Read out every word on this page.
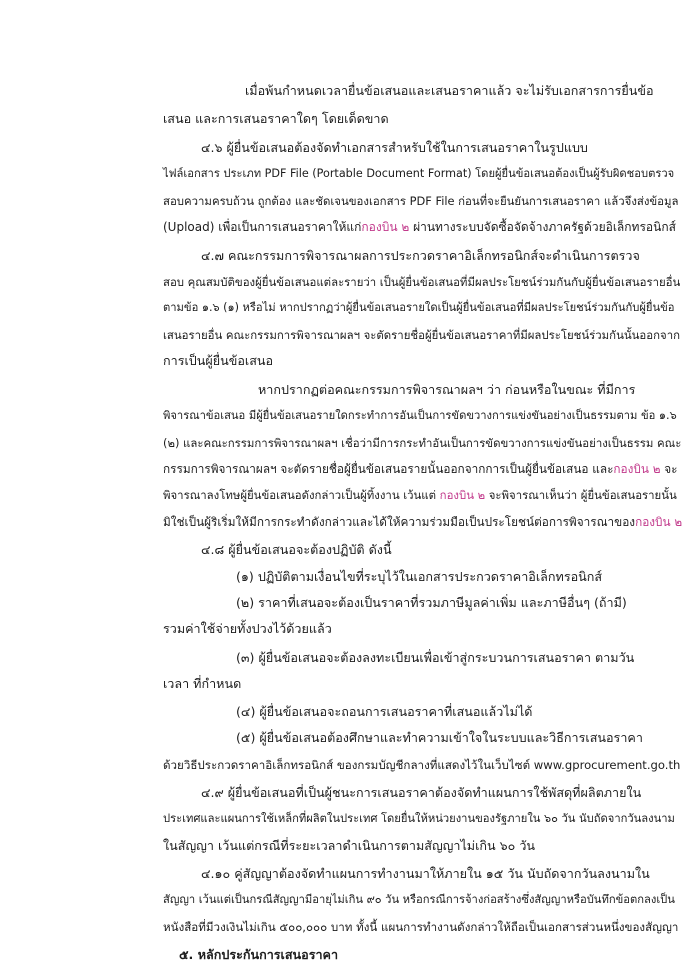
เมื่อพ้นกำหนดเวลายื่นข้อเสนอและเสนอราคาแล้ว จะไม่รับเอกสารการยื่นข้อ
เสนอ และการเสนอราคาใดๆ โดยเด็ดขาด
๔.๖ ผู้ยื่นข้อเสนอต้องจัดทำเอกสารสำหรับใช้ในการเสนอราคาในรูปแบบ
ไฟล์เอกสาร ประเภท PDF File (Portable Document Format) โดยผู้ยื่นข้อเสนอต้องเป็นผู้รับผิดชอบตรวจ
สอบความครบถ้วน ถูกต้อง และชัดเจนของเอกสาร PDF File ก่อนที่จะยืนยันการเสนอราคา แล้วจึงส่งข้อมูล
(Upload) เพื่อเป็นการเสนอราคาให้แก่กองบิน ๒ ผ่านทางระบบจัดซื้อจัดจ้างภาครัฐด้วยอิเล็กทรอนิกส์
๔.๗ คณะกรรมการพิจารณาผลการประกวดราคาอิเล็กทรอนิกส์จะดำเนินการตรวจ
สอบ คุณสมบัติของผู้ยื่นข้อเสนอแต่ละรายว่า เป็นผู้ยื่นข้อเสนอที่มีผลประโยชน์ร่วมกันกับผู้ยื่นข้อเสนอรายอื่น
ตามข้อ ๑.๖ (๑) หรือไม่ หากปรากฏว่าผู้ยื่นข้อเสนอรายใดเป็นผู้ยื่นข้อเสนอที่มีผลประโยชน์ร่วมกันกับผู้ยื่นข้อ
เสนอรายอื่น คณะกรรมการพิจารณาผลฯ จะตัดรายชื่อผู้ยื่นข้อเสนอราคาที่มีผลประโยชน์ร่วมกันนั้นออกจาก
การเป็นผู้ยื่นข้อเสนอ
หากปรากฏต่อคณะกรรมการพิจารณาผลฯ ว่า ก่อนหรือในขณะ ที่มีการ
พิจารณาข้อเสนอ มีผู้ยื่นข้อเสนอรายใดกระทำการอันเป็นการขัดขวางการแข่งขันอย่างเป็นธรรมตาม ข้อ ๑.๖
(๒) และคณะกรรมการพิจารณาผลฯ เชื่อว่ามีการกระทำอันเป็นการขัดขวางการแข่งขันอย่างเป็นธรรม คณะ
กรรมการพิจารณาผลฯ จะตัดรายชื่อผู้ยื่นข้อเสนอรายนั้นออกจากการเป็นผู้ยื่นข้อเสนอ และกองบิน ๒ จะ
พิจารณาลงโทษผู้ยื่นข้อเสนอดังกล่าวเป็นผู้ทิ้งงาน เว้นแต่ กองบิน ๒ จะพิจารณาเห็นว่า ผู้ยื่นข้อเสนอรายนั้น
มิใช่เป็นผู้ริเริ่มให้มีการกระทำดังกล่าวและได้ให้ความร่วมมือเป็นประโยชน์ต่อการพิจารณาของกองบิน ๒
๔.๘ ผู้ยื่นข้อเสนอจะต้องปฏิบัติ ดังนี้
(๑) ปฏิบัติตามเงื่อนไขที่ระบุไว้ในเอกสารประกวดราคาอิเล็กทรอนิกส์
(๒) ราคาที่เสนอจะต้องเป็นราคาที่รวมภาษีมูลค่าเพิ่ม และภาษีอื่นๆ (ถ้ามี)
รวมค่าใช้จ่ายทั้งปวงไว้ด้วยแล้ว
(๓) ผู้ยื่นข้อเสนอจะต้องลงทะเบียนเพื่อเข้าสู่กระบวนการเสนอราคา ตามวัน
เวลา ที่กำหนด
(๔) ผู้ยื่นข้อเสนอจะถอนการเสนอราคาที่เสนอแล้วไม่ได้
(๕) ผู้ยื่นข้อเสนอต้องศึกษาและทำความเข้าใจในระบบและวิธีการเสนอราคา
ด้วยวิธีประกวดราคาอิเล็กทรอนิกส์ ของกรมบัญชีกลางที่แสดงไว้ในเว็บไซต์ www.gprocurement.go.th
๔.๙ ผู้ยื่นข้อเสนอที่เป็นผู้ชนะการเสนอราคาต้องจัดทำแผนการใช้พัสดุที่ผลิตภายใน
ประเทศและแผนการใช้เหล็กที่ผลิตในประเทศ โดยยื่นให้หน่วยงานของรัฐภายใน ๖๐ วัน นับถัดจากวันลงนาม
ในสัญญา เว้นแต่กรณีที่ระยะเวลาดำเนินการตามสัญญาไม่เกิน ๖๐ วัน
๔.๑๐ คู่สัญญาต้องจัดทำแผนการทำงานมาให้ภายใน ๑๕ วัน นับถัดจากวันลงนามใน
สัญญา เว้นแต่เป็นกรณีสัญญามีอายุไม่เกิน ๙๐ วัน หรือกรณีการจ้างก่อสร้างซึ่งสัญญาหรือบันทึกข้อตกลงเป็น
หนังสือที่มีวงเงินไม่เกิน ๕๐๐,๐๐๐ บาท ทั้งนี้ แผนการทำงานดังกล่าวให้ถือเป็นเอกสารส่วนหนึ่งของสัญญา
๕. หลักประกันการเสนอราคา
